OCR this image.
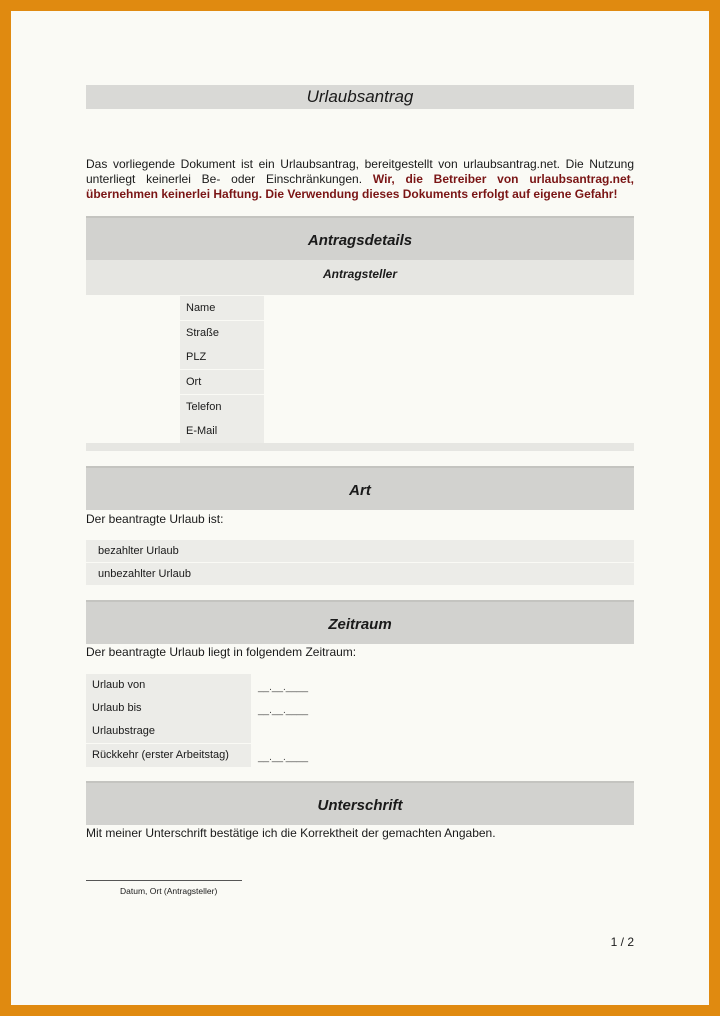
Urlaubsantrag
Das vorliegende Dokument ist ein Urlaubsantrag, bereitgestellt von urlaubsantrag.net. Die Nutzung unterliegt keinerlei Be- oder Einschränkungen. Wir, die Betreiber von urlaubsantrag.net, übernehmen keinerlei Haftung. Die Verwendung dieses Dokuments erfolgt auf eigene Gefahr!
Antragsdetails
Antragsteller
Name
Straße
PLZ
Ort
Telefon
E-Mail
Art
Der beantragte Urlaub ist:
bezahlter Urlaub
unbezahlter Urlaub
Zeitraum
Der beantragte Urlaub liegt in folgendem Zeitraum:
Urlaub von	__.__.____
Urlaub bis	__.__.____
Urlaubstrage
Rückkehr (erster Arbeitstag)	__.__.____
Unterschrift
Mit meiner Unterschrift bestätige ich die Korrektheit der gemachten Angaben.
Datum, Ort (Antragsteller)
1 / 2
